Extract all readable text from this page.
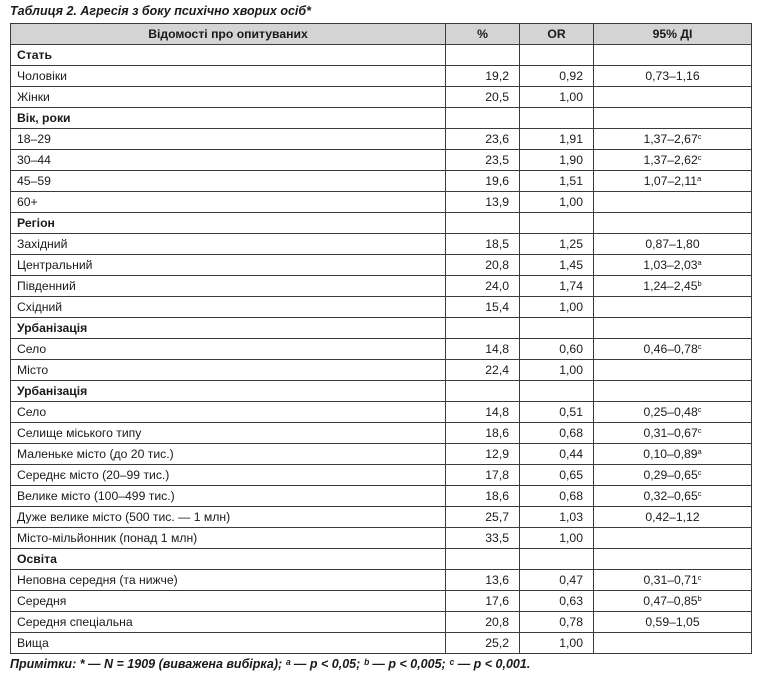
Таблиця 2. Агресія з боку психічно хворих осіб*
Відомості про опитуваних	%	OR	95% ДІ
Стать			
Чоловіки	19,2	0,92	0,73–1,16
Жінки	20,5	1,00	
Вік, роки			
18–29	23,6	1,91	1,37–2,67$^c$
30–44	23,5	1,90	1,37–2,62$^c$
45–59	19,6	1,51	1,07–2,11$^a$
60+	13,9	1,00	
Регіон			
Західний	18,5	1,25	0,87–1,80
Центральний	20,8	1,45	1,03–2,03$^a$
Південний	24,0	1,74	1,24–2,45$^b$
Східний	15,4	1,00	
Урбанізація			
Село	14,8	0,60	0,46–0,78$^c$
Місто	22,4	1,00	
Урбанізація			
Село	14,8	0,51	0,25–0,48$^c$
Селище міського типу	18,6	0,68	0,31–0,67$^c$
Маленьке місто (до 20 тис.)	12,9	0,44	0,10–0,89$^a$
Середнє місто (20–99 тис.)	17,8	0,65	0,29–0,65$^c$
Велике місто (100–499 тис.)	18,6	0,68	0,32–0,65$^c$
Дуже велике місто (500 тис. — 1 млн)	25,7	1,03	0,42–1,12
Місто-мільйонник (понад 1 млн)	33,5	1,00	
Освіта			
Неповна середня (та нижче)	13,6	0,47	0,31–0,71$^c$
Середня	17,6	0,63	0,47–0,85$^b$
Середня спеціальна	20,8	0,78	0,59–1,05
Вища	25,2	1,00	
Примітки: * — N = 1909 (виважена вибірка); ᵃ — p < 0,05; ᵇ — p < 0,005; ᶜ — p < 0,001.
